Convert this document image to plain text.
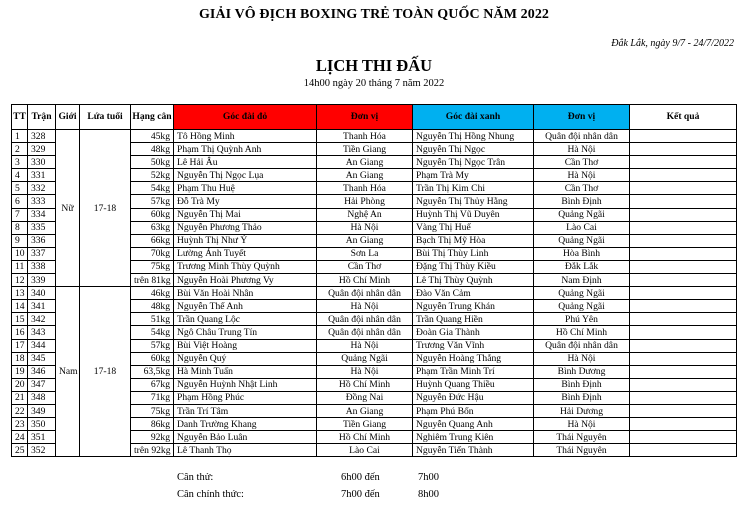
GIẢI VÔ ĐỊCH BOXING TRẺ TOÀN QUỐC NĂM 2022
Đắk Lắk, ngày 9/7 - 24/7/2022
LỊCH THI ĐẤU
14h00 ngày 20 tháng 7 năm 2022
TT	Trận	Giới	Lứa tuổi	Hạng cân	Góc đài đỏ	Đơn vị	Góc đài xanh	Đơn vị	Kết quả
1	328	Nữ	17-18	45kg	Tô Hồng Minh	Thanh Hóa	Nguyễn Thị Hồng Nhung	Quân đội nhân dân	
2	329			48kg	Phạm Thị Quỳnh Anh	Tiền Giang	Nguyễn Thị Ngọc	Hà Nội	
3	330			50kg	Lê Hải Âu	An Giang	Nguyễn Thị Ngọc Trân	Cần Thơ	
4	331			52kg	Nguyễn Thị Ngọc Lụa	An Giang	Phạm Trà My	Hà Nội	
5	332			54kg	Phạm Thu Huệ	Thanh Hóa	Trần Thị Kim Chi	Cần Thơ	
6	333			57kg	Đỗ Trà My	Hải Phòng	Nguyễn Thị Thủy Hằng	Bình Định	
7	334			60kg	Nguyễn Thị Mai	Nghệ An	Huỳnh Thị Vũ Duyên	Quảng Ngãi	
8	335			63kg	Nguyễn Phương Thảo	Hà Nội	Vàng Thị Huế	Lào Cai	
9	336			66kg	Huỳnh Thị Như Ý	An Giang	Bạch Thị Mỹ Hòa	Quảng Ngãi	
10	337			70kg	Lường Ánh Tuyết	Sơn La	Bùi Thị Thùy Linh	Hòa Bình	
11	338			75kg	Trương Minh Thùy Quỳnh	Cần Thơ	Đặng Thị Thùy Kiều	Đắk Lắk	
12	339			trên 81kg	Nguyễn Hoài Phương Vy	Hồ Chí Minh	Lê Thị Thùy Quỳnh	Nam Định	
13	340	Nam	17-18	46kg	Bùi Văn Hoài Nhân	Quân đội nhân dân	Đào Văn Cảm	Quảng Ngãi	
14	341			48kg	Nguyễn Thế Anh	Hà Nội	Nguyễn Trung Khán	Quảng Ngãi	
15	342			51kg	Trần Quang Lộc	Quân đội nhân dân	Trần Quang Hiền	Phú Yên	
16	343			54kg	Ngô Châu Trung Tín	Quân đội nhân dân	Đoàn Gia Thành	Hồ Chí Minh	
17	344			57kg	Bùi Việt Hoàng	Hà Nội	Trương Văn Vĩnh	Quân đội nhân dân	
18	345			60kg	Nguyễn Quý	Quảng Ngãi	Nguyễn Hoàng Thắng	Hà Nội	
19	346			63,5kg	Hà Minh Tuấn	Hà Nội	Phạm Trần Minh Trí	Bình Dương	
20	347			67kg	Nguyễn Huỳnh Nhật Linh	Hồ Chí Minh	Huỳnh Quang Thiều	Bình Định	
21	348			71kg	Phạm Hồng Phúc	Đồng Nai	Nguyễn Đức Hậu	Bình Định	
22	349			75kg	Trần Trí Tâm	An Giang	Phạm Phú Bốn	Hải Dương	
23	350			86kg	Danh Trường Khang	Tiền Giang	Nguyễn Quang Anh	Hà Nội	
24	351			92kg	Nguyễn Bảo Luân	Hồ Chí Minh	Nghiêm Trung Kiên	Thái Nguyên	
25	352			trên 92kg	Lê Thanh Thọ	Lào Cai	Nguyễn Tiến Thành	Thái Nguyên	
Cân thử:	6h00 đến	7h00
Cân chính thức:	7h00 đến	8h00
